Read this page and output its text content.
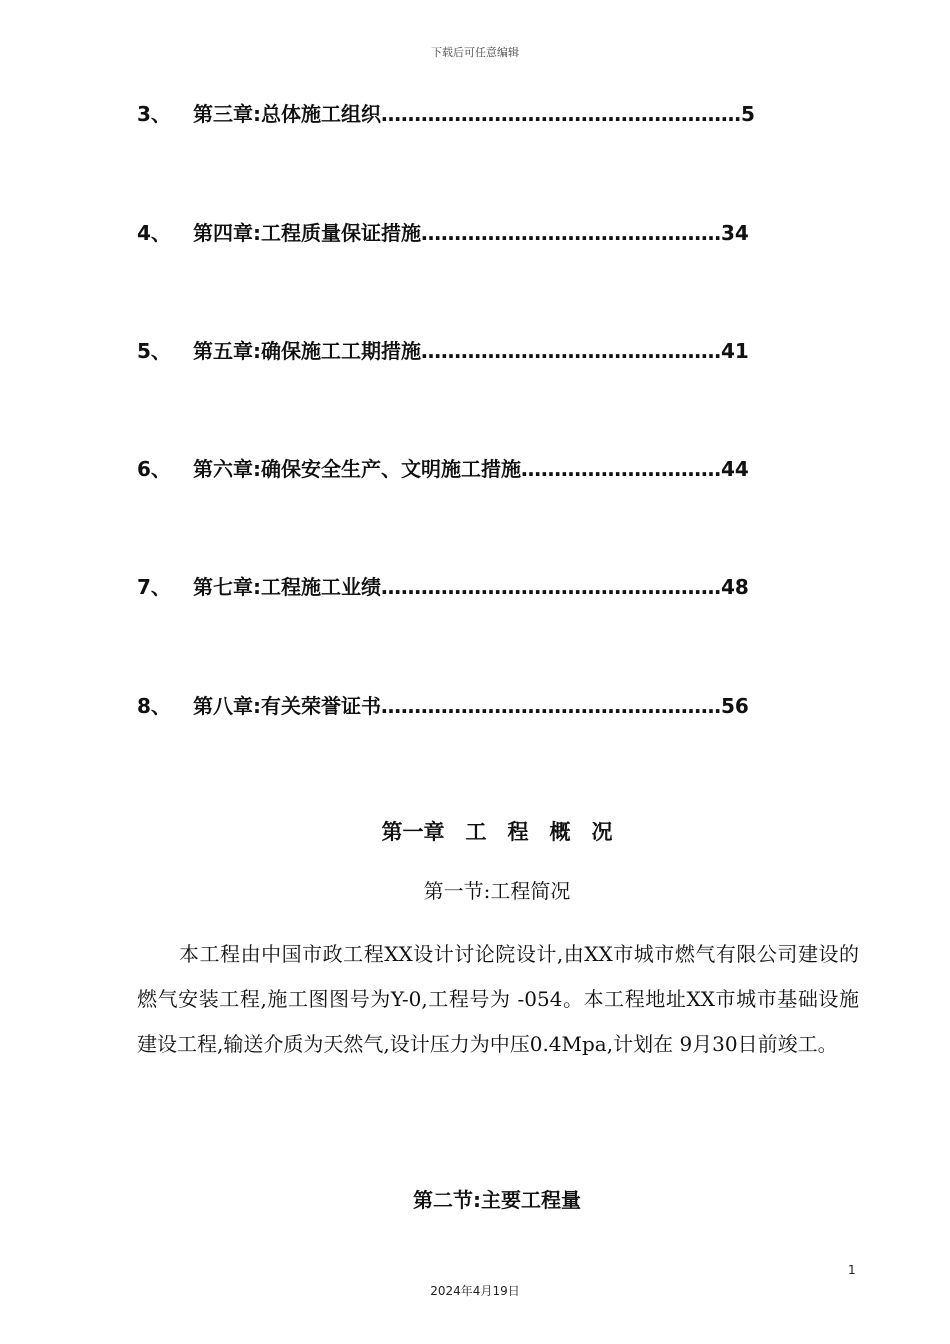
下载后可任意编辑
3、 第三章:总体施工组织………………………………………………5
4、 第四章:工程质量保证措施………………………………………34
5、 第五章:确保施工工期措施………………………………………41
6、 第六章:确保安全生产、文明施工措施…………………………44
7、 第七章:工程施工业绩……………………………………………48
8、 第八章:有关荣誉证书……………………………………………56
第一章　工　程　概　况
第一节:工程简况

本工程由中国市政工程XX设计讨论院设计,由XX市城市燃气有限公司建设的燃气安装工程,施工图图号为Y-0,工程号为 -054。本工程地址XX市城市基础设施建设工程,输送介质为天然气,设计压力为中压0.4Mpa,计划在 9月30日前竣工。

第二节:主要工程量
1
2024年4月19日
